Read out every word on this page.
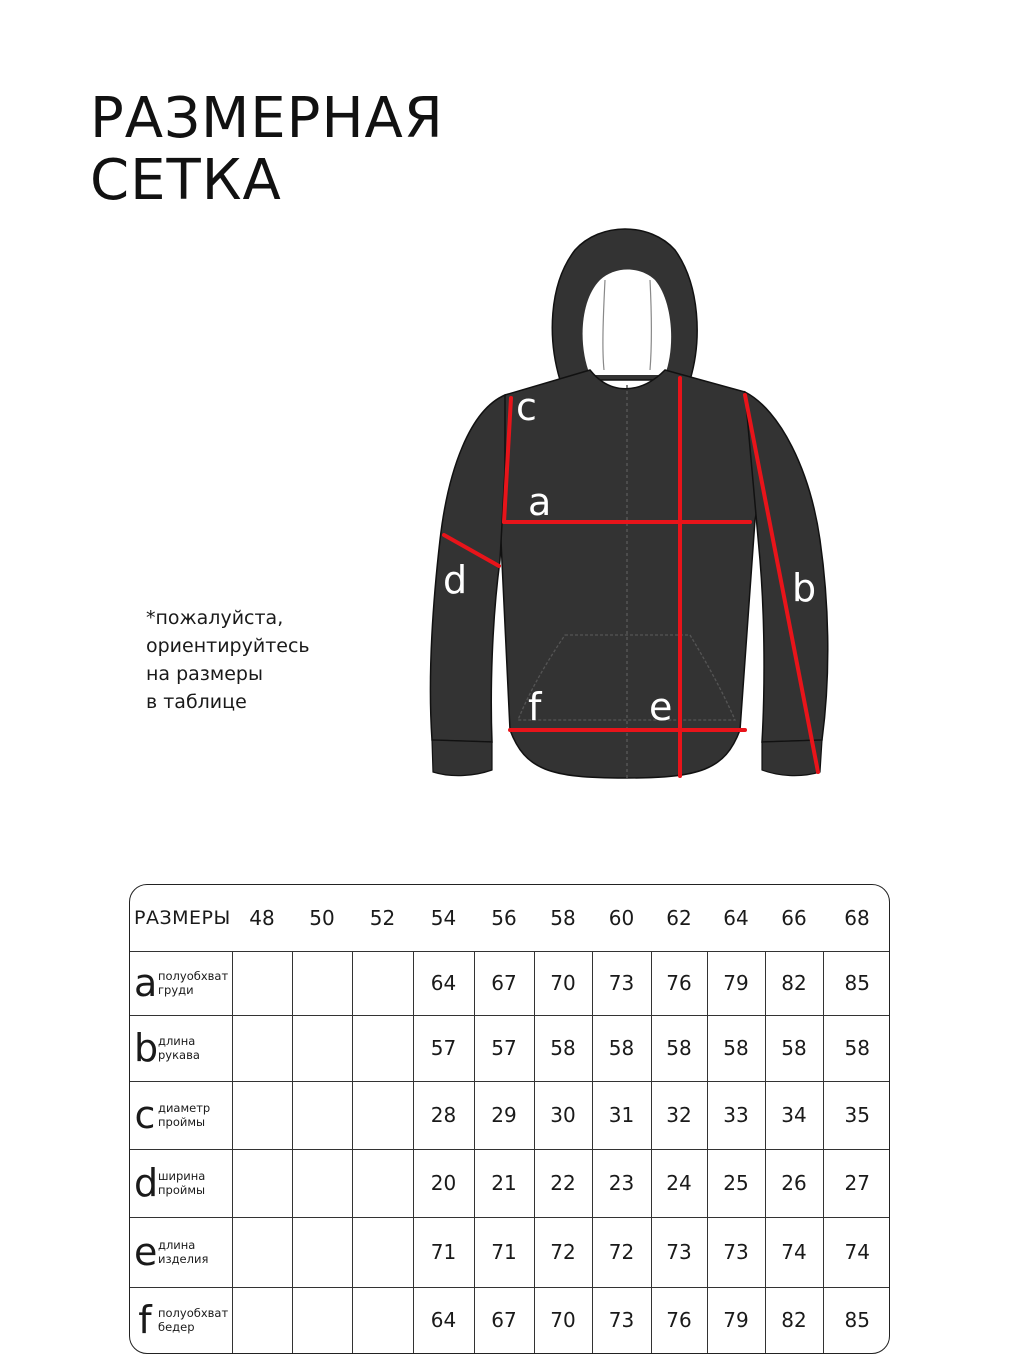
РАЗМЕРНАЯ
СЕТКА
*пожалуйста,
ориентируйтесь
на размеры
в таблице
c
a
d	b
f	e
РАЗМЕРЫ	48	50	52	54	56	58	60	62	64	66	68
a полуобхват
груди				64	67	70	73	76	79	82	85
b длина
рукава				57	57	58	58	58	58	58	58
c диаметр
проймы				28	29	30	31	32	33	34	35
d ширина
проймы				20	21	22	23	24	25	26	27
e длина
изделия				71	71	72	72	73	73	74	74
f полуобхват
бедер				64	67	70	73	76	79	82	85
